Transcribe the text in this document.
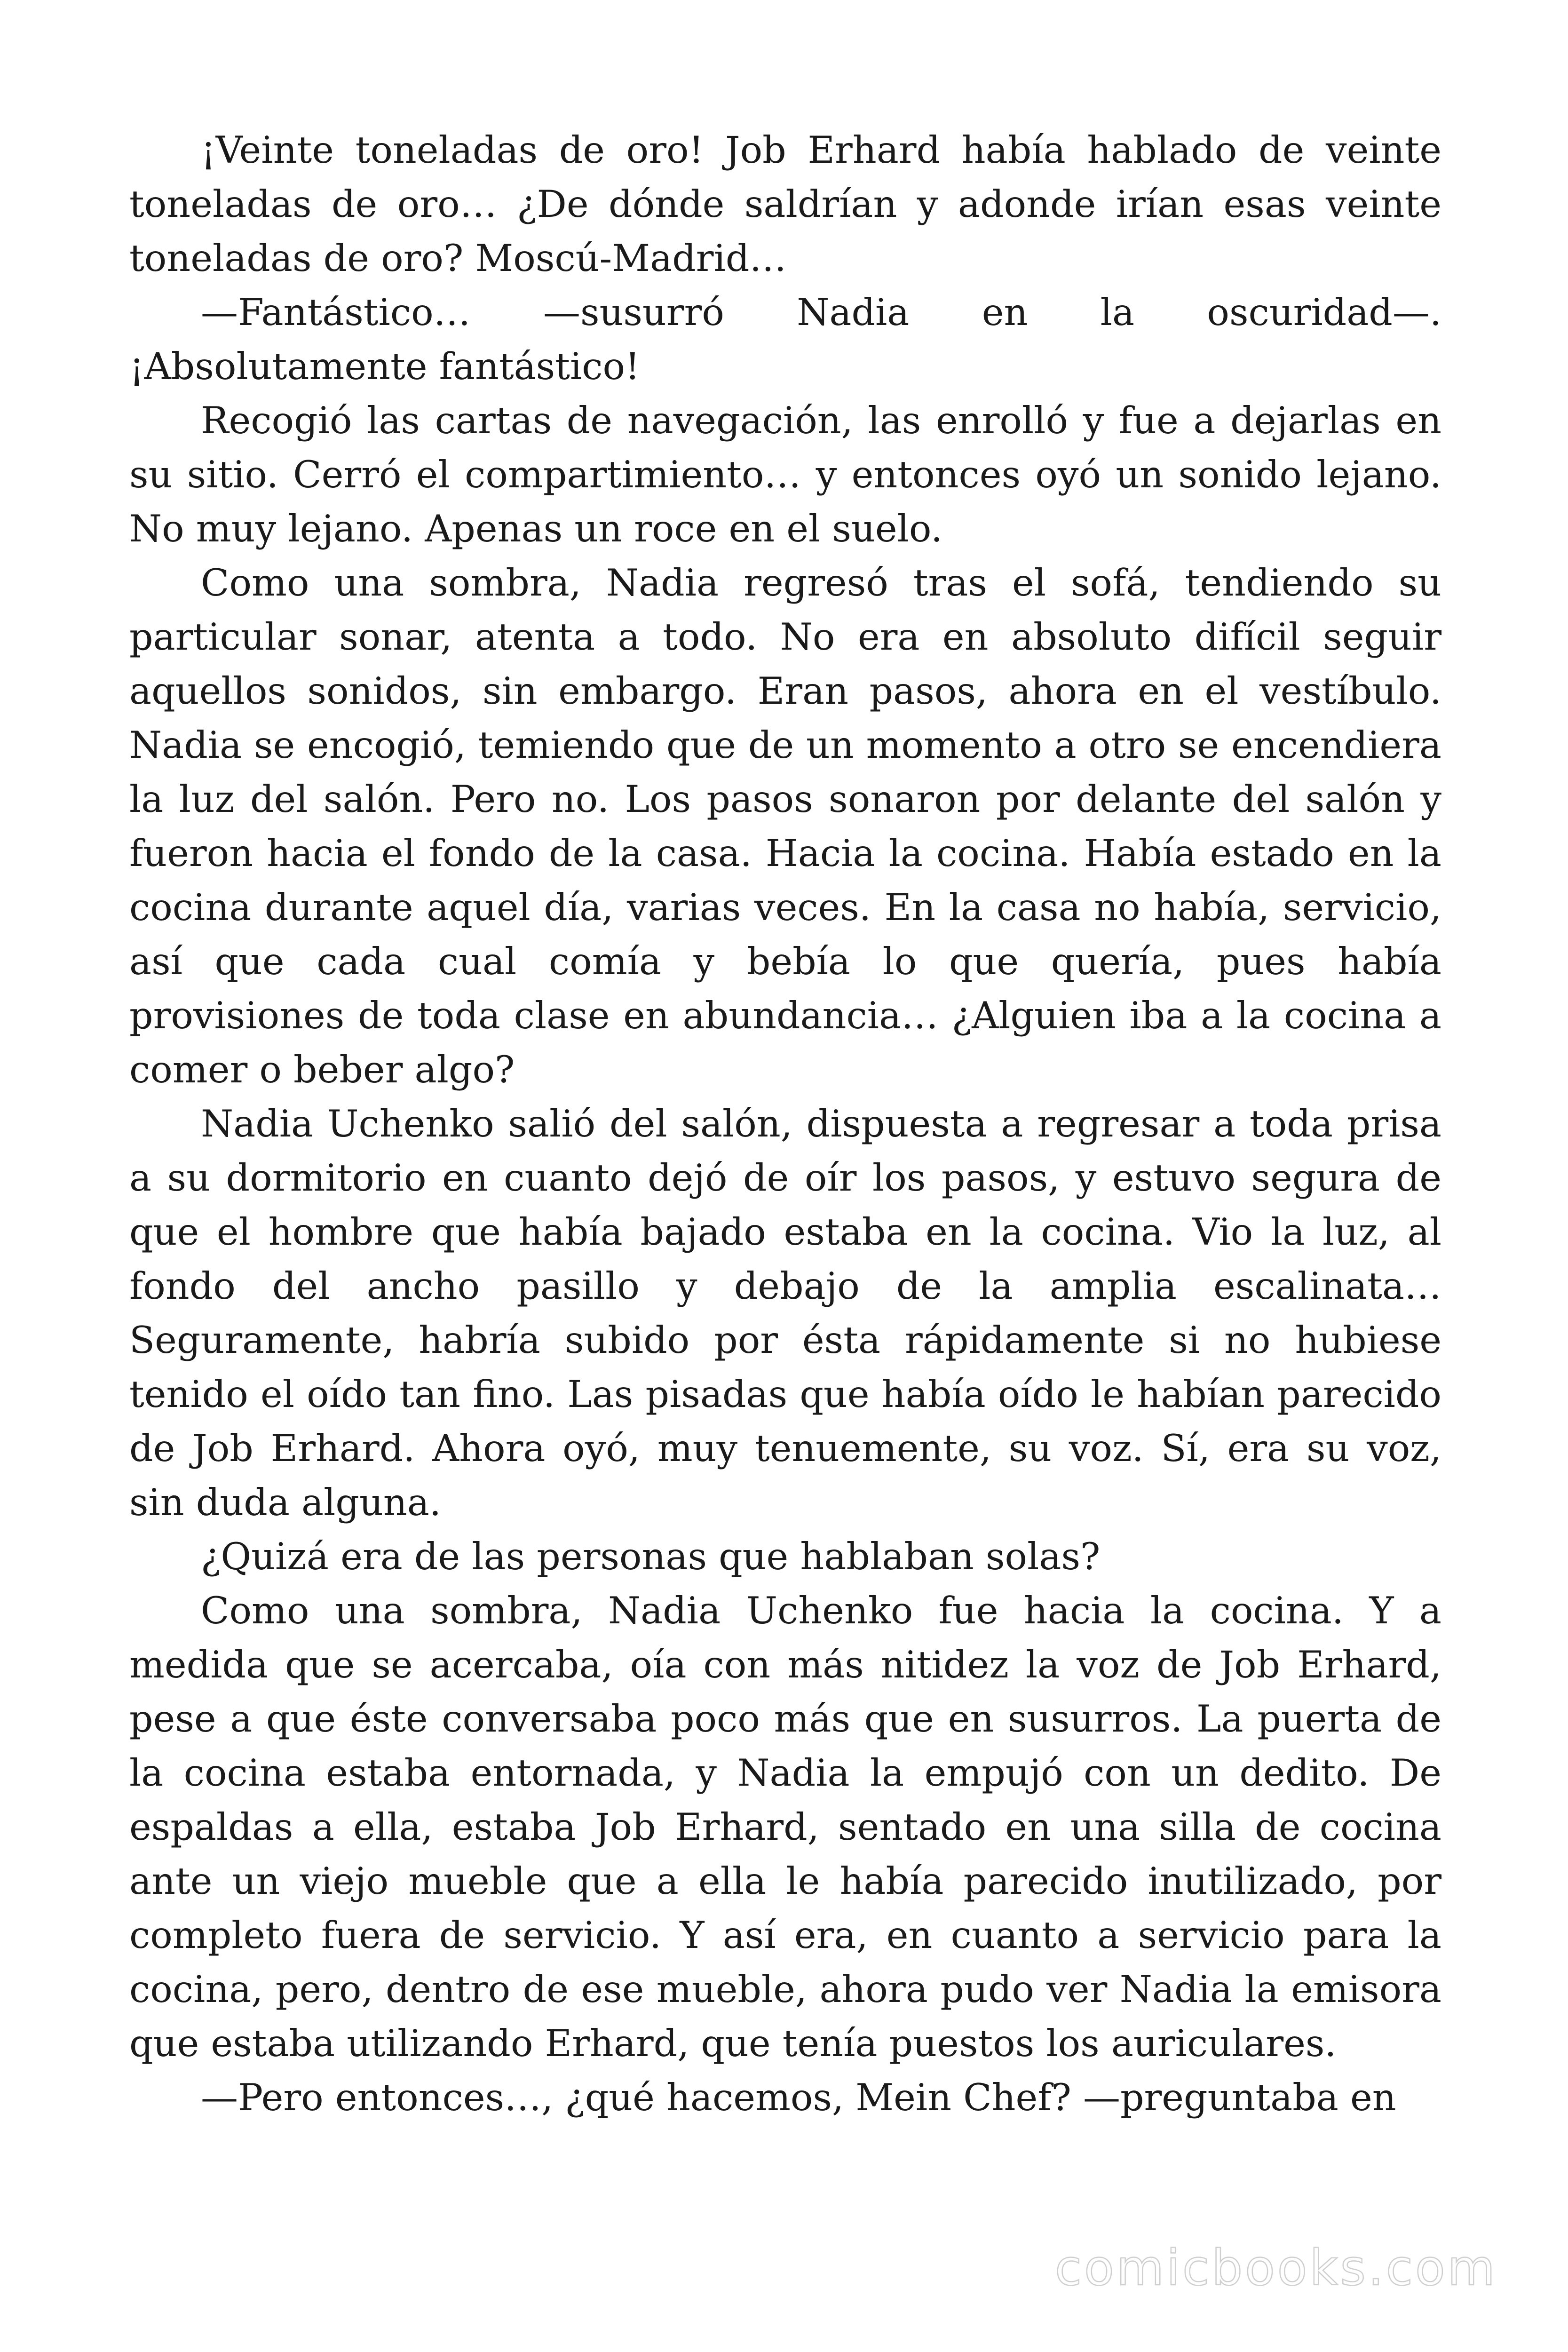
¡Veinte toneladas de oro! Job Erhard había hablado de veinte toneladas de oro… ¿De dónde saldrían y adonde irían esas veinte toneladas de oro? Moscú-Madrid…

—Fantástico… —susurró Nadia en la oscuridad—. ¡Absolutamente fantástico!

Recogió las cartas de navegación, las enrolló y fue a dejarlas en su sitio. Cerró el compartimiento… y entonces oyó un sonido lejano. No muy lejano. Apenas un roce en el suelo.

Como una sombra, Nadia regresó tras el sofá, tendiendo su particular sonar, atenta a todo. No era en absoluto difícil seguir aquellos sonidos, sin embargo. Eran pasos, ahora en el vestíbulo. Nadia se encogió, temiendo que de un momento a otro se encendiera la luz del salón. Pero no. Los pasos sonaron por delante del salón y fueron hacia el fondo de la casa. Hacia la cocina. Había estado en la cocina durante aquel día, varias veces. En la casa no había, servicio, así que cada cual comía y bebía lo que quería, pues había provisiones de toda clase en abundancia… ¿Alguien iba a la cocina a comer o beber algo?

Nadia Uchenko salió del salón, dispuesta a regresar a toda prisa a su dormitorio en cuanto dejó de oír los pasos, y estuvo segura de que el hombre que había bajado estaba en la cocina. Vio la luz, al fondo del ancho pasillo y debajo de la amplia escalinata… Seguramente, habría subido por ésta rápidamente si no hubiese tenido el oído tan fino. Las pisadas que había oído le habían parecido de Job Erhard. Ahora oyó, muy tenuemente, su voz. Sí, era su voz, sin duda alguna.

¿Quizá era de las personas que hablaban solas?

Como una sombra, Nadia Uchenko fue hacia la cocina. Y a medida que se acercaba, oía con más nitidez la voz de Job Erhard, pese a que éste conversaba poco más que en susurros. La puerta de la cocina estaba entornada, y Nadia la empujó con un dedito. De espaldas a ella, estaba Job Erhard, sentado en una silla de cocina ante un viejo mueble que a ella le había parecido inutilizado, por completo fuera de servicio. Y así era, en cuanto a servicio para la cocina, pero, dentro de ese mueble, ahora pudo ver Nadia la emisora que estaba utilizando Erhard, que tenía puestos los auriculares.

—Pero entonces…, ¿qué hacemos, Mein Chef? —preguntaba en

comicbooks.com
